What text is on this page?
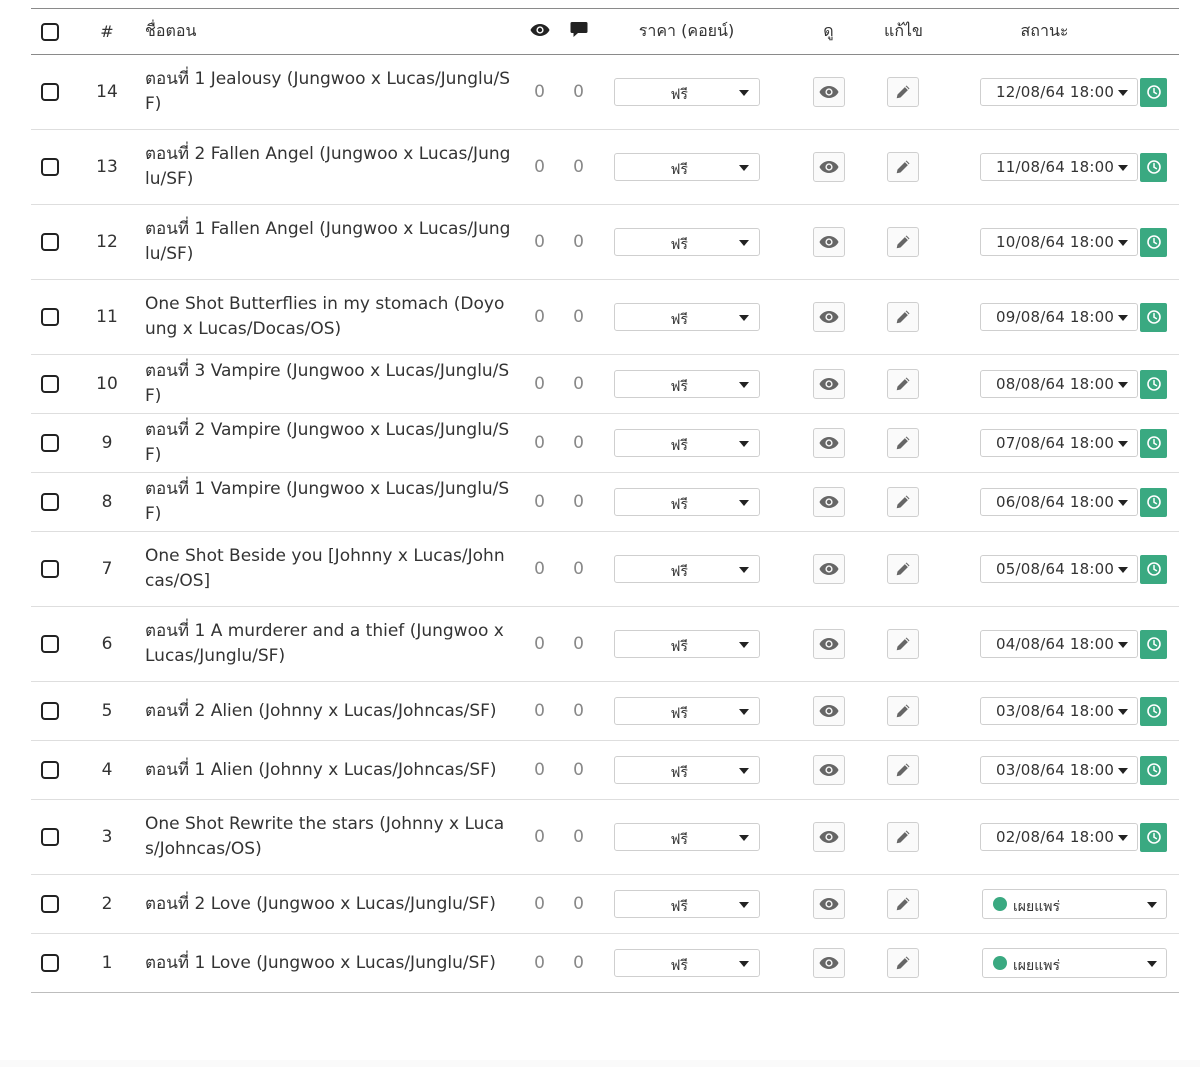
	#	ชื่อตอน			ราคา (คอยน์)	ดู	แก้ไข	สถานะ
	14	ตอนที่ 1 Jealousy (Jungwoo x Lucas/Junglu/SF)	0	0	ฟรี			12/08/64 18:00

	13	ตอนที่ 2 Fallen Angel (Jungwoo x Lucas/Junglu/SF)	0	0	ฟรี			11/08/64 18:00

	12	ตอนที่ 1 Fallen Angel (Jungwoo x Lucas/Junglu/SF)	0	0	ฟรี			10/08/64 18:00

	11	One Shot Butterflies in my stomach (Doyoung x Lucas/Docas/OS)	0	0	ฟรี			09/08/64 18:00

	10	ตอนที่ 3 Vampire (Jungwoo x Lucas/Junglu/SF)	0	0	ฟรี			08/08/64 18:00

	9	ตอนที่ 2 Vampire (Jungwoo x Lucas/Junglu/SF)	0	0	ฟรี			07/08/64 18:00

	8	ตอนที่ 1 Vampire (Jungwoo x Lucas/Junglu/SF)	0	0	ฟรี			06/08/64 18:00

	7	One Shot Beside you [Johnny x Lucas/Johncas/OS]	0	0	ฟรี			05/08/64 18:00

	6	ตอนที่ 1 A murderer and a thief (Jungwoo x Lucas/Junglu/SF)	0	0	ฟรี			04/08/64 18:00

	5	ตอนที่ 2 Alien (Johnny x Lucas/Johncas/SF)	0	0	ฟรี			03/08/64 18:00

	4	ตอนที่ 1 Alien (Johnny x Lucas/Johncas/SF)	0	0	ฟรี			03/08/64 18:00

	3	One Shot Rewrite the stars (Johnny x Lucas/Johncas/OS)	0	0	ฟรี			02/08/64 18:00

	2	ตอนที่ 2 Love (Jungwoo x Lucas/Junglu/SF)	0	0	ฟรี			เผยแพร่

	1	ตอนที่ 1 Love (Jungwoo x Lucas/Junglu/SF)	0	0	ฟรี			เผยแพร่
